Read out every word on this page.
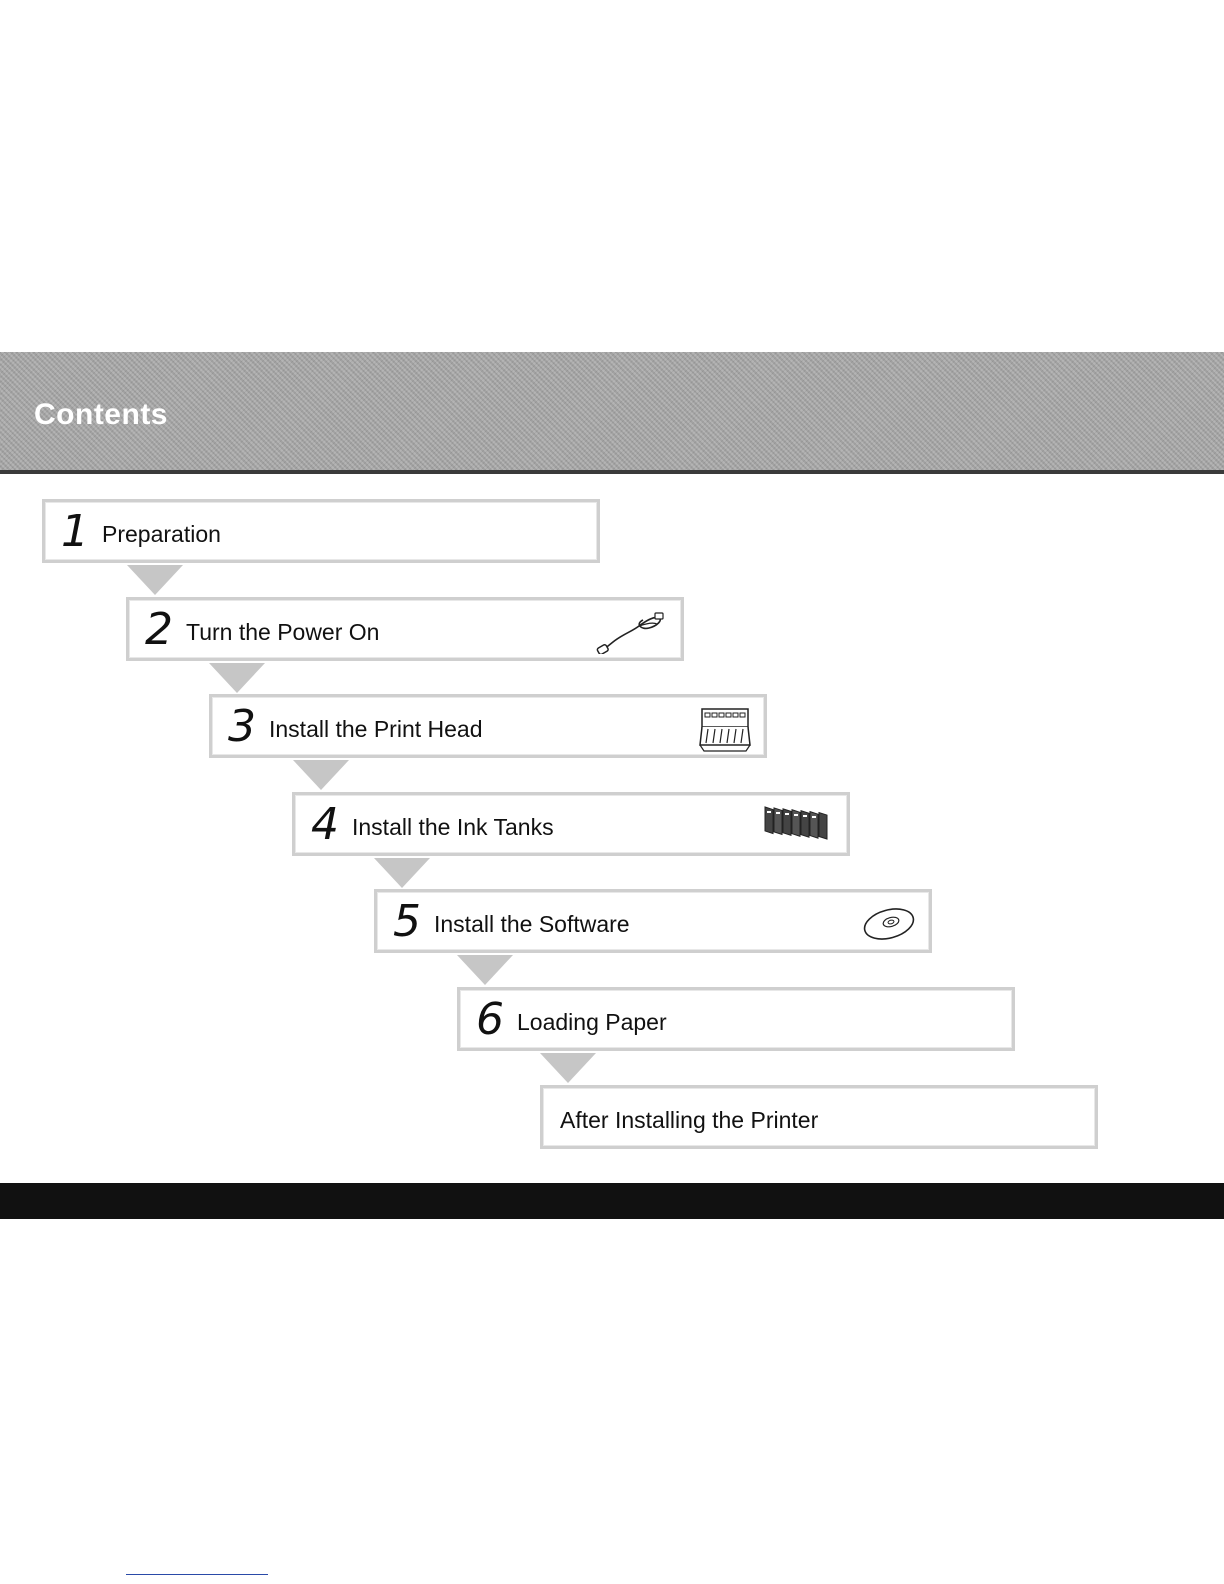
Contents
1 Preparation
2 Turn the Power On
3 Install the Print Head
4 Install the Ink Tanks
5 Install the Software
6 Loading Paper
After Installing the Printer
